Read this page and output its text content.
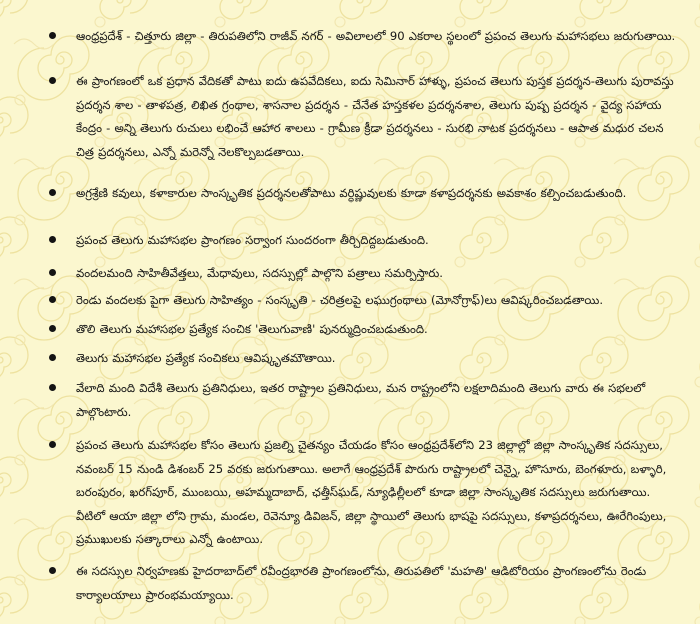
ఆంధ్రప్రదేశ్ - చిత్తూరు జిల్లా - తిరుపతిలోని రాజీవ్ నగర్ - అవిలాలలో 90 ఎకరాల స్థలంలో ప్రపంచ తెలుగు మహాసభలు జరుగుతాయి.
ఈ ప్రాంగణంలో ఒక ప్రధాన వేదికతో పాటు ఐదు ఉపవేదికలు, ఐదు సెమినార్ హాళ్ళు, ప్రపంచ తెలుగు పుస్తక ప్రదర్శన-తెలుగు పురావస్తు ప్రదర్శన శాల - తాళపత్ర, లిఖిత గ్రంథాల, శాసనాల ప్రదర్శన - చేనేత హస్తకళల ప్రదర్శనశాల, తెలుగు పుష్ప ప్రదర్శన - వైద్య సహాయ కేంద్రం - అన్ని తెలుగు రుచులు లభించే ఆహార శాలలు - గ్రామీణ క్రీడా ప్రదర్శనలు - సురభి నాటక ప్రదర్శనలు - ఆపాత మధుర చలన చిత్ర ప్రదర్శనలు, ఎన్నో మరెన్నో నెలకొల్పబడతాయి.
అగ్రశ్రేణి కవులు, కళాకారుల సాంస్కృతిక ప్రదర్శనలతోపాటు వర్ధిష్ణువులకు కూడా కళాప్రదర్శనకు అవకాశం కల్పించబడుతుంది.
ప్రపంచ తెలుగు మహాసభల ప్రాంగణం సర్వాంగ సుందరంగా తీర్చిదిద్దబడుతుంది.
వందలమంది సాహితీవేత్తలు, మేధావులు, సదస్సుల్లో పాల్గొని పత్రాలు సమర్పిస్తారు.
రెండు వందలకు పైగా తెలుగు సాహిత్యం - సంస్కృతి - చరిత్రలపై లఘుగ్రంథాలు (మోనోగ్రాఫ్)లు ఆవిష్కరించబడతాయి.
తొలి తెలుగు మహాసభల ప్రత్యేక సంచిక 'తెలుగువాణి' పునర్ముద్రించబడుతుంది.
తెలుగు మహాసభల ప్రత్యేక సంచికలు ఆవిష్కృతమౌతాయి.
వేలాది మంది విదేశీ తెలుగు ప్రతినిధులు, ఇతర రాష్ట్రాల ప్రతినిధులు, మన రాష్ట్రంలోని లక్షలాదిమంది తెలుగు వారు ఈ సభలలో పాల్గొంటారు.
ప్రపంచ తెలుగు మహాసభల కోసం తెలుగు ప్రజల్ని చైతన్యం చేయడం కోసం ఆంధ్రప్రదేశ్‌లోని 23 జిల్లాల్లో జిల్లా సాంస్కృతిక సదస్సులు, నవంబర్ 15 నుండి డిశంబర్ 25 వరకు జరుగుతాయి. అలాగే ఆంధ్రప్రదేశ్ పొరుగు రాష్ట్రాలలో చెన్నై, హొసూరు, బెంగళూరు, బళ్ళారి, బరంపురం, ఖరగ్‌పూర్, ముంబయి, అహమ్మదాబాద్, ఛత్తీస్‌ఘడ్, న్యూఢిల్లీలలో కూడా జిల్లా సాంస్కృతిక సదస్సులు జరుగుతాయి. వీటిలో ఆయా జిల్లా లోని గ్రామ, మండల, రెవెన్యూ డివిజన్, జిల్లా స్థాయిలో తెలుగు భాషపై సదస్సులు, కళాప్రదర్శనలు, ఊరేగింపులు, ప్రముఖులకు సత్కారాలు ఎన్నో ఉంటాయి.
ఈ సదస్సుల నిర్వహణకు హైదరాబాద్‌లో రవీంద్రభారతి ప్రాంగణంలోను, తిరుపతిలో 'మహతి' ఆడిటోరియం ప్రాంగణంలోను రెండు కార్యాలయాలు ప్రారంభమయ్యాయి.
